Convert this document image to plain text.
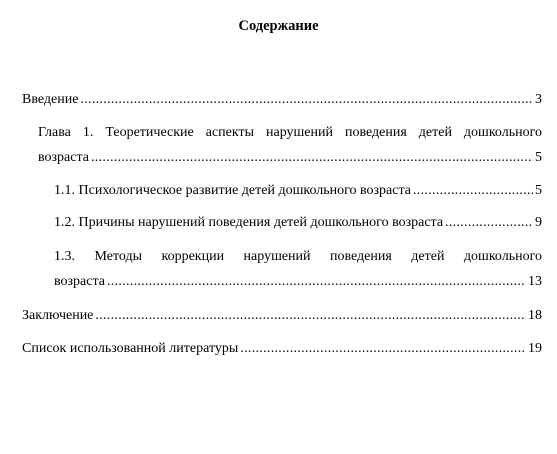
Содержание
Введение .....	3
Глава 1. Теоретические аспекты нарушений поведения детей дошкольного
возраста .....	5
1.1. Психологическое развитие детей дошкольного возраста .....	5
1.2. Причины нарушений поведения детей дошкольного возраста .....	9
1.3. Методы коррекции нарушений поведения детей дошкольного
возраста .....	13
Заключение .....	18
Список использованной литературы .....	19
